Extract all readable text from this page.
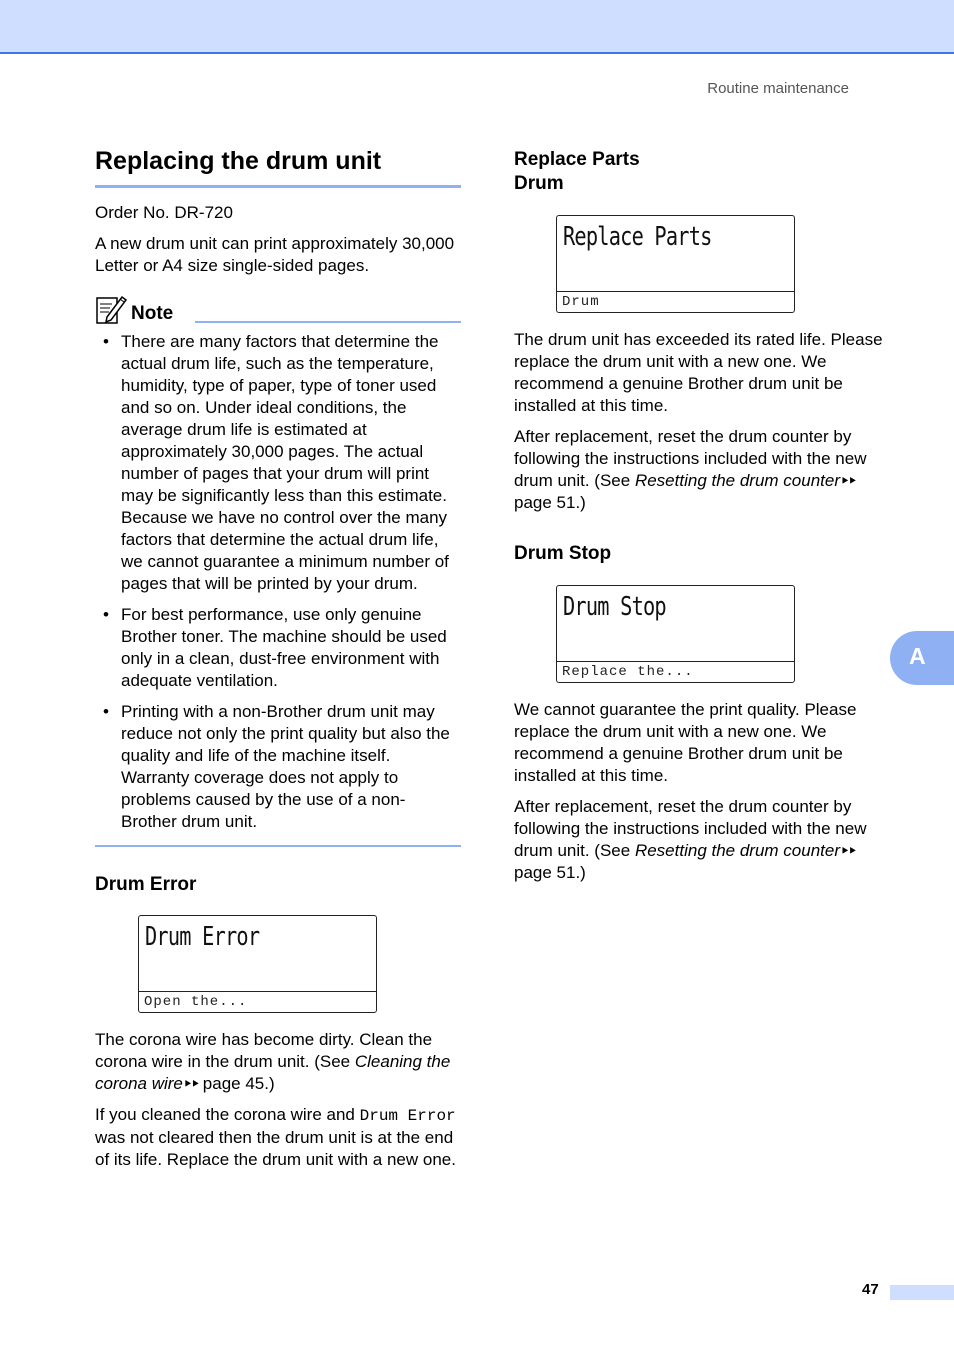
Routine maintenance
Replacing the drum unit

Order No. DR-720

A new drum unit can print approximately 30,000 Letter or A4 size single-sided pages.

Note
• There are many factors that determine the actual drum life, such as the temperature, humidity, type of paper, type of toner used and so on. Under ideal conditions, the average drum life is estimated at approximately 30,000 pages. The actual number of pages that your drum will print may be significantly less than this estimate. Because we have no control over the many factors that determine the actual drum life, we cannot guarantee a minimum number of pages that will be printed by your drum.
• For best performance, use only genuine Brother toner. The machine should be used only in a clean, dust-free environment with adequate ventilation.
• Printing with a non-Brother drum unit may reduce not only the print quality but also the quality and life of the machine itself. Warranty coverage does not apply to problems caused by the use of a non-Brother drum unit.
Drum Error
Drum Error
Open the...

The corona wire has become dirty. Clean the corona wire in the drum unit. (See Cleaning the corona wire⯈⯈ page 45.)

If you cleaned the corona wire and Drum Error was not cleared then the drum unit is at the end of its life. Replace the drum unit with a new one.

Replace Parts
Drum
Replace Parts
Drum

The drum unit has exceeded its rated life. Please replace the drum unit with a new one. We recommend a genuine Brother drum unit be installed at this time.

After replacement, reset the drum counter by following the instructions included with the new drum unit. (See Resetting the drum counter⯈⯈ page 51.)

Drum Stop
Drum Stop
Replace the...

We cannot guarantee the print quality. Please replace the drum unit with a new one. We recommend a genuine Brother drum unit be installed at this time.

After replacement, reset the drum counter by following the instructions included with the new drum unit. (See Resetting the drum counter⯈⯈ page 51.)

A
47
